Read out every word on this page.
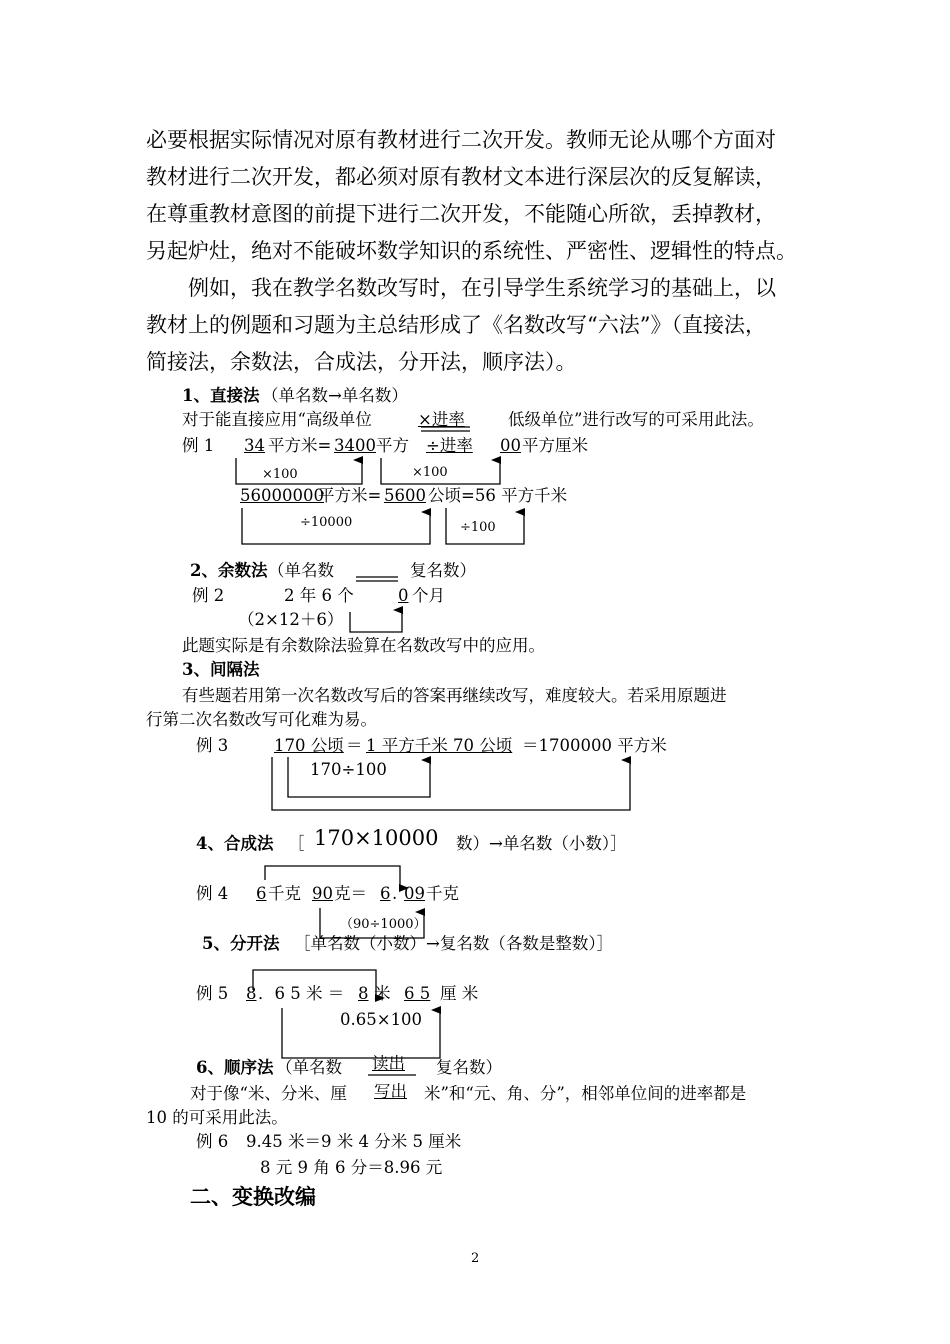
必要根据实际情况对原有教材进行二次开发。教师无论从哪个方面对
教材进行二次开发，都必须对原有教材文本进行深层次的反复解读，
在尊重教材意图的前提下进行二次开发，不能随心所欲，丢掉教材，
另起炉灶，绝对不能破坏数学知识的系统性、严密性、逻辑性的特点。
例如，我在教学名数改写时，在引导学生系统学习的基础上，以
教材上的例题和习题为主总结形成了《名数改写“六法”》（直接法，
简接法，余数法，合成法，分开法，顺序法）。
1、直接法 （单名数→单名数）
对于能直接应用“高级单位	×进率	低级单位”进行改写的可采用此法。
例 1 34 平方米= 3400 平方 ÷进率 00 平方厘米
×100	×100
56000000
平方米= 5600 公顷=56 平方千米
÷10000	÷100
2、余数法 （单名数	复名数）
例 2	2 年 6 个	0 个月
（2×12＋6）
此题实际是有余数除法验算在名数改写中的应用。
3、间隔法
有些题若用第一次名数改写后的答案再继续改写，难度较大。若采用原题进
行第二次名数改写可化难为易。
例 3	170 公顷 ＝ 1 平方千米 70 公顷 ＝1700000 平方米
170÷100
170×10000
4、合成法 ［	数）→单名数（小数）］
例 4 6 千克 90 克＝ 6 . 09 千克
（90÷1000）
5、分开法 ［单名数（小数）→复名数（各数是整数）］
例 5 8 ．6 5 米 ＝ 8 米 6 5 厘 米
0.65×100
6、顺序法 （单名数 读出 复名数）
对于像“米、分米、厘 写出 米”和“元、角、分”，相邻单位间的进率都是
10 的可采用此法。
例 6 9.45 米＝9 米 4 分米 5 厘米
8 元 9 角 6 分＝8.96 元
二、变换改编
2
